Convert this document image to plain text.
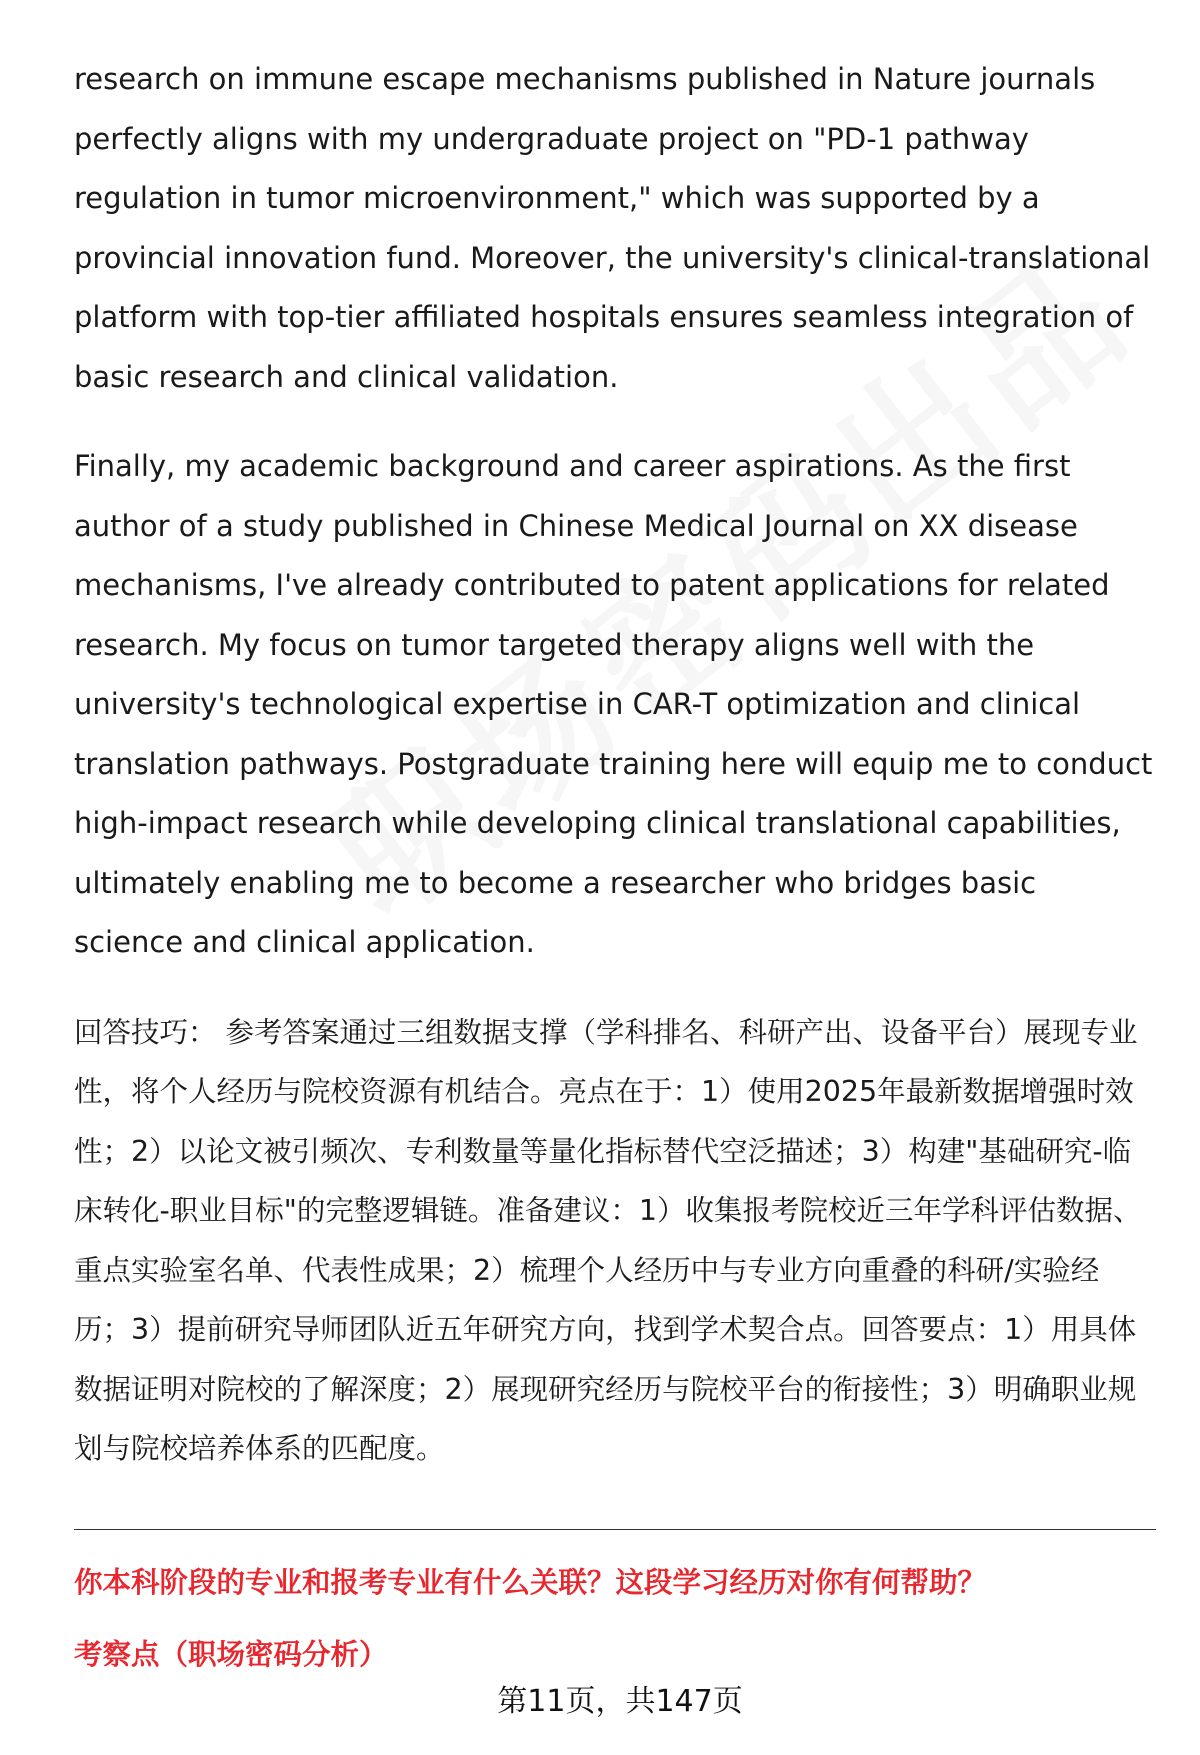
research on immune escape mechanisms published in Nature journals perfectly aligns with my undergraduate project on "PD-1 pathway regulation in tumor microenvironment," which was supported by a provincial innovation fund. Moreover, the university's clinical-translational platform with top-tier affiliated hospitals ensures seamless integration of basic research and clinical validation.

Finally, my academic background and career aspirations. As the first author of a study published in Chinese Medical Journal on XX disease mechanisms, I've already contributed to patent applications for related research. My focus on tumor targeted therapy aligns well with the university's technological expertise in CAR-T optimization and clinical translation pathways. Postgraduate training here will equip me to conduct high-impact research while developing clinical translational capabilities, ultimately enabling me to become a researcher who bridges basic science and clinical application.

回答技巧： 参考答案通过三组数据支撑（学科排名、科研产出、设备平台）展现专业性，将个人经历与院校资源有机结合。亮点在于：1）使用2025年最新数据增强时效性；2）以论文被引频次、专利数量等量化指标替代空泛描述；3）构建"基础研究-临床转化-职业目标"的完整逻辑链。准备建议：1）收集报考院校近三年学科评估数据、重点实验室名单、代表性成果；2）梳理个人经历中与专业方向重叠的科研/实验经历；3）提前研究导师团队近五年研究方向，找到学术契合点。回答要点：1）用具体数据证明对院校的了解深度；2）展现研究经历与院校平台的衔接性；3）明确职业规划与院校培养体系的匹配度。

你本科阶段的专业和报考专业有什么关联？这段学习经历对你有何帮助？
考察点（职场密码分析）
第11页，共147页
